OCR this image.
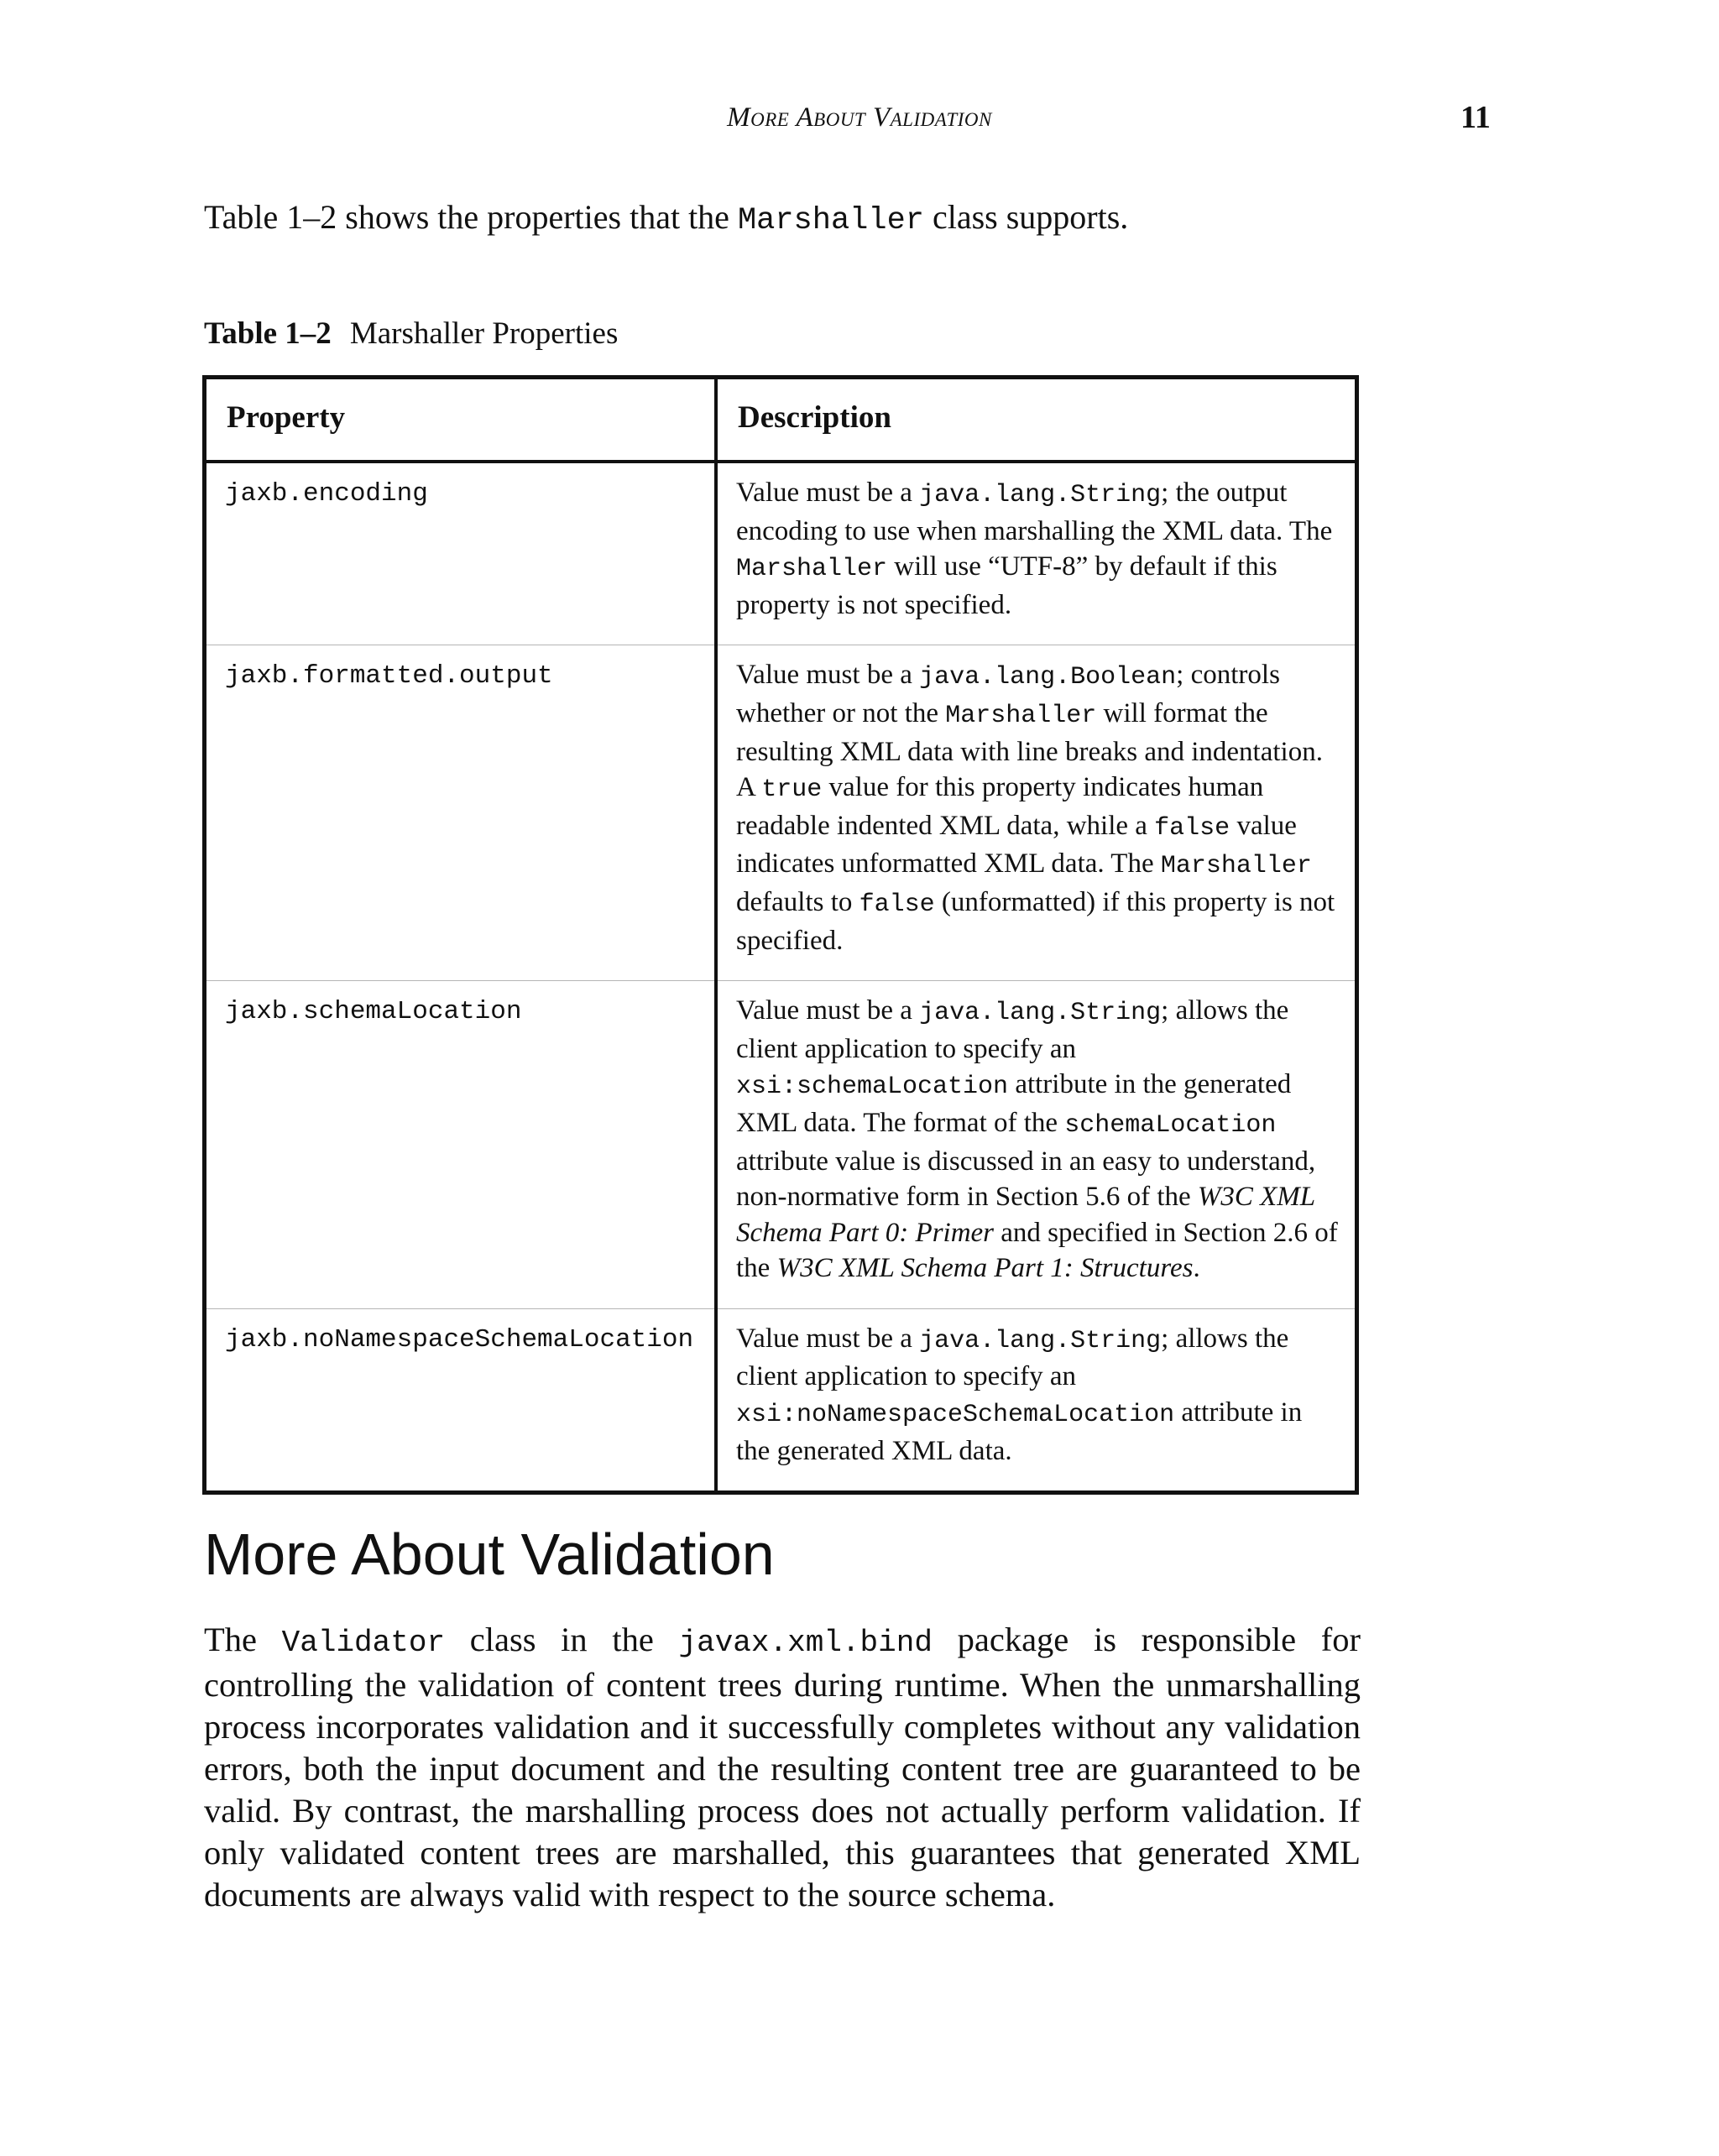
More About Validation	11

Table 1–2 shows the properties that the Marshaller class supports.

Table 1–2 Marshaller Properties
Property	Description
jaxb.encoding	Value must be a java.lang.String; the output encoding to use when marshalling the XML data. The Marshaller will use “UTF-8” by default if this property is not specified.
jaxb.formatted.output	Value must be a java.lang.Boolean; controls whether or not the Marshaller will format the resulting XML data with line breaks and indentation. A true value for this property indicates human readable indented XML data, while a false value indicates unformatted XML data. The Marshaller defaults to false (unformatted) if this property is not specified.
jaxb.schemaLocation	Value must be a java.lang.String; allows the client application to specify an xsi:schemaLocation attribute in the generated XML data. The format of the schemaLocation attribute value is discussed in an easy to understand, non-normative form in Section 5.6 of the W3C XML Schema Part 0: Primer and specified in Section 2.6 of the W3C XML Schema Part 1: Structures.
jaxb.noNamespaceSchemaLocation	Value must be a java.lang.String; allows the client application to specify an xsi:noNamespaceSchemaLocation attribute in the generated XML data.
More About Validation

The Validator class in the javax.xml.bind package is responsible for controlling the validation of content trees during runtime. When the unmarshalling process incorporates validation and it successfully completes without any validation errors, both the input document and the resulting content tree are guaranteed to be valid. By contrast, the marshalling process does not actually perform validation. If only validated content trees are marshalled, this guarantees that generated XML documents are always valid with respect to the source schema.
